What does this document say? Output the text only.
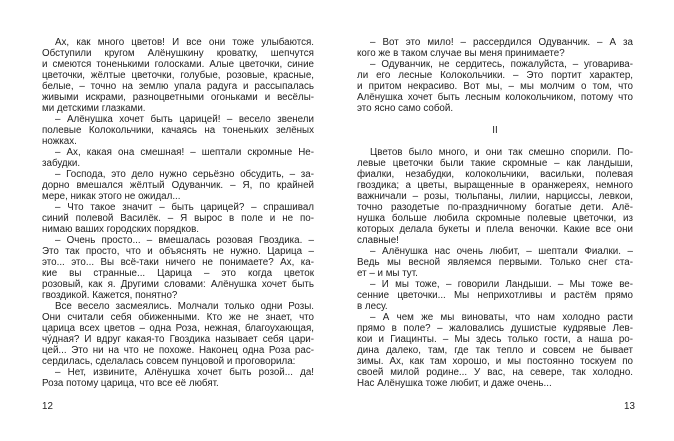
Ах, как много цветов! И все они тоже улыбаются.
Обступили кругом Алёнушкину кроватку, шепчутся
и смеются тоненькими голосками. Алые цветочки, синие
цветочки, жёлтые цветочки, голубые, розовые, красные,
белые, – точно на землю упала радуга и рассыпалась
живыми искрами, разноцветными огоньками и весёлы-
ми детскими глазками.
– Алёнушка хочет быть царицей! – весело звенели
полевые Колокольчики, качаясь на тоненьких зелёных
ножках.
– Ах, какая она смешная! – шептали скромные Не-
забудки.
– Господа, это дело нужно серьёзно обсудить, – за-
дорно вмешался жёлтый Одуванчик. – Я, по крайней
мере, никак этого не ожидал...
– Что такое значит – быть царицей? – спрашивал
синий полевой Василёк. – Я вырос в поле и не по-
нимаю ваших городских порядков.
– Очень просто... – вмешалась розовая Гвоздика. –
Это так просто, что и объяснять не нужно. Царица –
это... это... Вы всё-таки ничего не понимаете? Ах, ка-
кие вы странные... Царица – это когда цветок
розовый, как я. Другими словами: Алёнушка хочет быть
гвоздикой. Кажется, понятно?
Все весело засмеялись. Молчали только одни Розы.
Они считали себя обиженными. Кто же не знает, что
царица всех цветов – одна Роза, нежная, благоухающая,
чу́дная? И вдруг какая-то Гвоздика называет себя цари-
цей... Это ни на что не похоже. Наконец одна Роза рас-
сердилась, сделалась совсем пунцовой и проговорила:
– Нет, извините, Алёнушка хочет быть розой... да!
Роза потому царица, что все её любят.
– Вот это мило! – рассердился Одуванчик. – А за
кого же в таком случае вы меня принимаете?
– Одуванчик, не сердитесь, пожалуйста, – уговарива-
ли его лесные Колокольчики. – Это портит характер,
и притом некрасиво. Вот мы, – мы молчим о том, что
Алёнушка хочет быть лесным колокольчиком, потому что
это ясно само собой.
II
Цветов было много, и они так смешно спорили. По-
левые цветочки были такие скромные – как ландыши,
фиалки, незабудки, колокольчики, васильки, полевая
гвоздика; а цветы, выращенные в оранжереях, немного
важничали – розы, тюльпаны, лилии, нарциссы, левкои,
точно разодетые по-праздничному богатые дети. Алё-
нушка больше любила скромные полевые цветочки, из
которых делала букеты и плела веночки. Какие все они
славные!
– Алёнушка нас очень любит, – шептали Фиалки. –
Ведь мы весной являемся первыми. Только снег ста-
ет – и мы тут.
– И мы тоже, – говорили Ландыши. – Мы тоже ве-
сенние цветочки... Мы неприхотливы и растём прямо
в лесу.
– А чем же мы виноваты, что нам холодно расти
прямо в поле? – жаловались душистые кудрявые Лев-
кои и Гиацинты. – Мы здесь только гости, а наша ро-
дина далеко, там, где так тепло и совсем не бывает
зимы. Ах, как там хорошо, и мы постоянно тоскуем по
своей милой родине... У вас, на севере, так холодно.
Нас Алёнушка тоже любит, и даже очень...
12	13
